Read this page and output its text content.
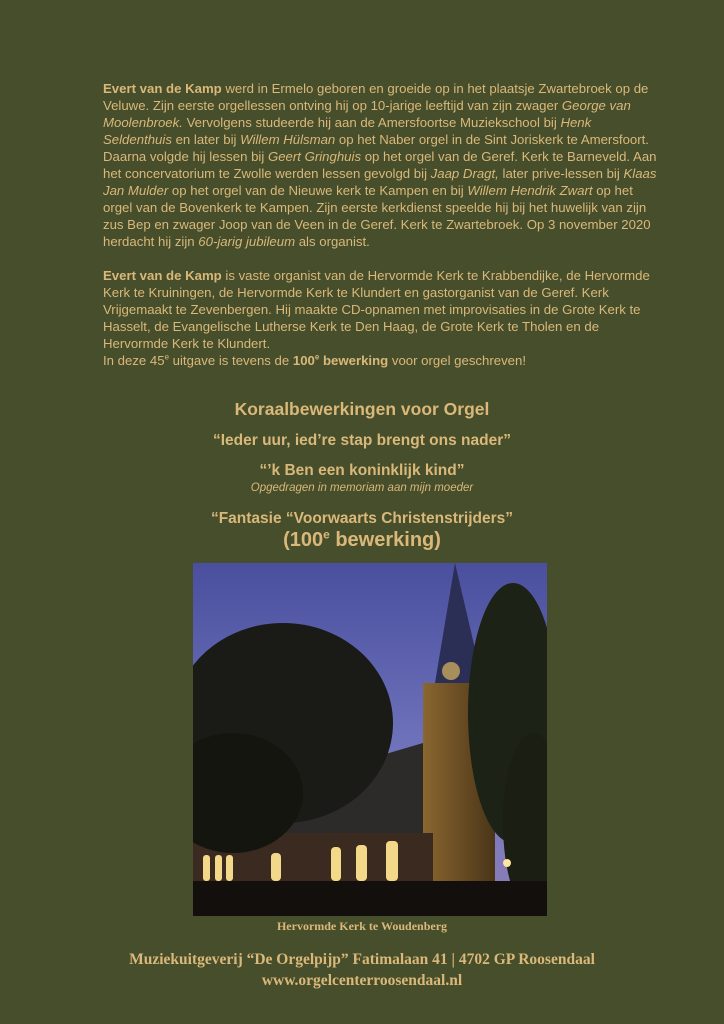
Evert van de Kamp werd in Ermelo geboren en groeide op in het plaatsje Zwartebroek op de Veluwe. Zijn eerste orgellessen ontving hij op 10-jarige leeftijd van zijn zwager George van Moolenbroek. Vervolgens studeerde hij aan de Amersfoortse Muziekschool bij Henk Seldenthuis en later bij Willem Hülsman op het Naber orgel in de Sint Joriskerk te Amersfoort. Daarna volgde hij lessen bij Geert Gringhuis op het orgel van de Geref. Kerk te Barneveld. Aan het concervatorium te Zwolle werden lessen gevolgd bij Jaap Dragt, later prive-lessen bij Klaas Jan Mulder op het orgel van de Nieuwe kerk te Kampen en bij Willem Hendrik Zwart op het orgel van de Bovenkerk te Kampen. Zijn eerste kerkdienst speelde hij bij het huwelijk van zijn zus Bep en zwager Joop van de Veen in de Geref. Kerk te Zwartebroek. Op 3 november 2020 herdacht hij zijn 60-jarig jubileum als organist.

Evert van de Kamp is vaste organist van de Hervormde Kerk te Krabbendijke, de Hervormde Kerk te Kruiningen, de Hervormde Kerk te Klundert en gastorganist van de Geref. Kerk Vrijgemaakt te Zevenbergen. Hij maakte CD-opnamen met improvisaties in de Grote Kerk te Hasselt, de Evangelische Lutherse Kerk te Den Haag, de Grote Kerk te Tholen en de Hervormde Kerk te Klundert.
In deze 45e uitgave is tevens de 100e bewerking voor orgel geschreven!

Koraalbewerkingen voor Orgel
“Ieder uur, ied’re stap brengt ons nader”
“’k Ben een koninklijk kind”
Opgedragen in memoriam aan mijn moeder
“Fantasie “Voorwaarts Christenstrijders”
(100e bewerking)
Hervormde Kerk te Woudenberg
Muziekuitgeverij “De Orgelpijp” Fatimalaan 41 | 4702 GP Roosendaal
www.orgelcenterroosendaal.nl
